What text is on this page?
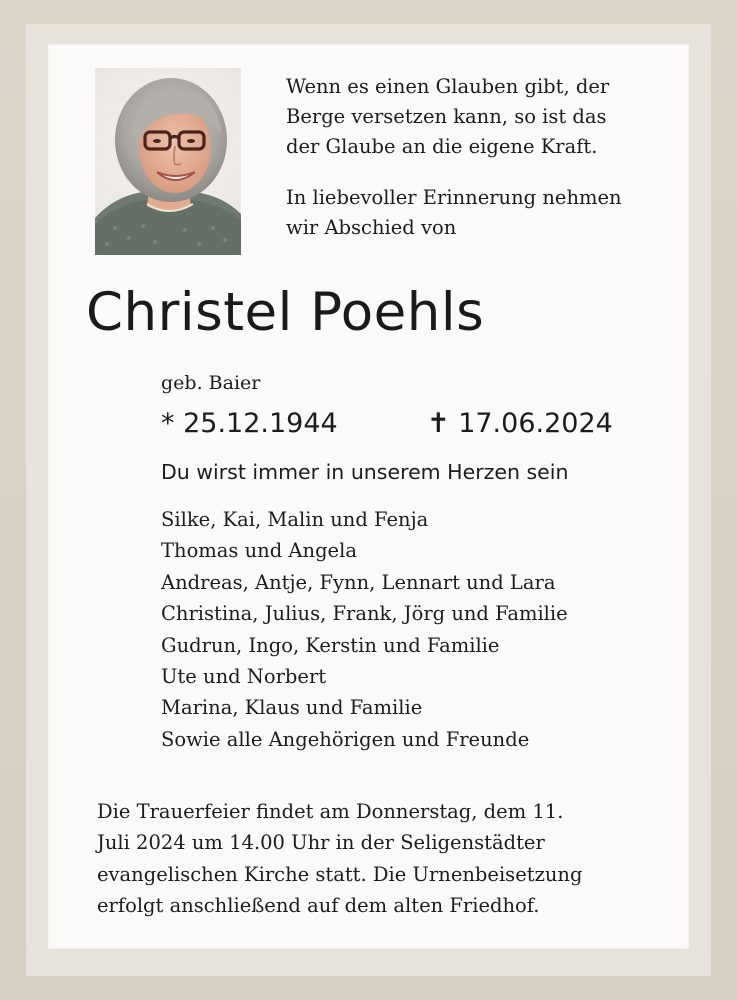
Wenn es einen Glauben gibt, der
Berge versetzen kann, so ist das
der Glaube an die eigene Kraft.

In liebevoller Erinnerung nehmen
wir Abschied von

Christel Poehls
geb. Baier
* 25.12.1944	✝ 17.06.2024
Du wirst immer in unserem Herzen sein
Silke, Kai, Malin und Fenja
Thomas und Angela
Andreas, Antje, Fynn, Lennart und Lara
Christina, Julius, Frank, Jörg und Familie
Gudrun, Ingo, Kerstin und Familie
Ute und Norbert
Marina, Klaus und Familie
Sowie alle Angehörigen und Freunde
Die Trauerfeier findet am Donnerstag, dem 11.
Juli 2024 um 14.00 Uhr in der Seligenstädter
evangelischen Kirche statt. Die Urnenbeisetzung
erfolgt anschließend auf dem alten Friedhof.
